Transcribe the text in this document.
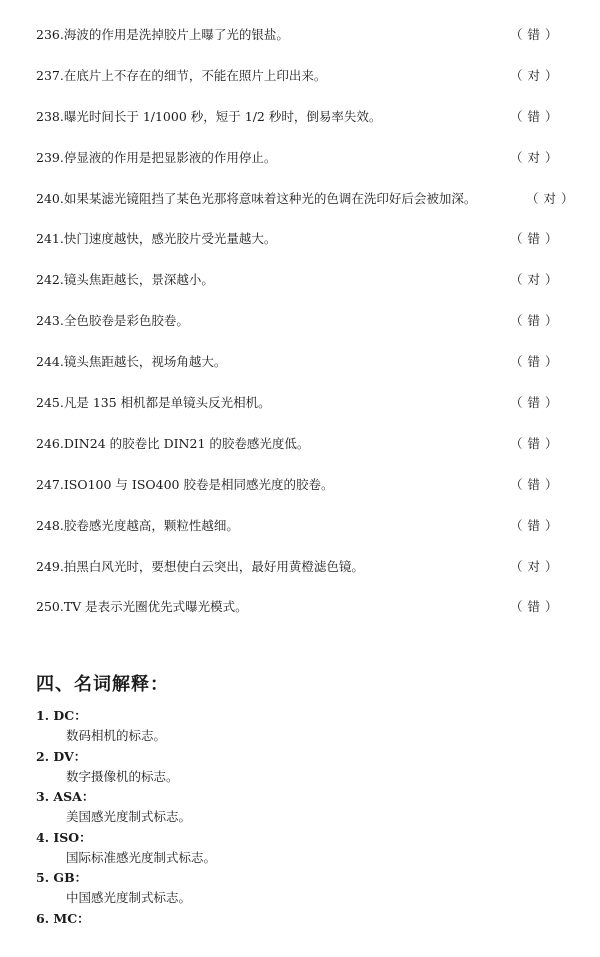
236.海波的作用是洗掉胶片上曝了光的银盐。	（ 错 ）
237.在底片上不存在的细节，不能在照片上印出来。	（ 对 ）
238.曝光时间长于 1/1000 秒，短于 1/2 秒时，倒易率失效。	（ 错 ）
239.停显液的作用是把显影液的作用停止。	（ 对 ）
240.如果某滤光镜阻挡了某色光那将意味着这种光的色调在洗印好后会被加深。	（ 对 ）
241.快门速度越快，感光胶片受光量越大。	（ 错 ）
242.镜头焦距越长，景深越小。	（ 对 ）
243.全色胶卷是彩色胶卷。	（ 错 ）
244.镜头焦距越长，视场角越大。	（ 错 ）
245.凡是 135 相机都是单镜头反光相机。	（ 错 ）
246.DIN24 的胶卷比 DIN21 的胶卷感光度低。	（ 错 ）
247.ISO100 与 ISO400 胶卷是相同感光度的胶卷。	（ 错 ）
248.胶卷感光度越高，颗粒性越细。	（ 错 ）
249.拍黑白风光时，要想使白云突出，最好用黄橙滤色镜。	（ 对 ）
250.TV 是表示光圈优先式曝光模式。	（ 错 ）
四、名词解释：
1. DC：
数码相机的标志。
2. DV：
数字摄像机的标志。
3. ASA：
美国感光度制式标志。
4. ISO：
国际标准感光度制式标志。
5. GB：
中国感光度制式标志。
6. MC：
